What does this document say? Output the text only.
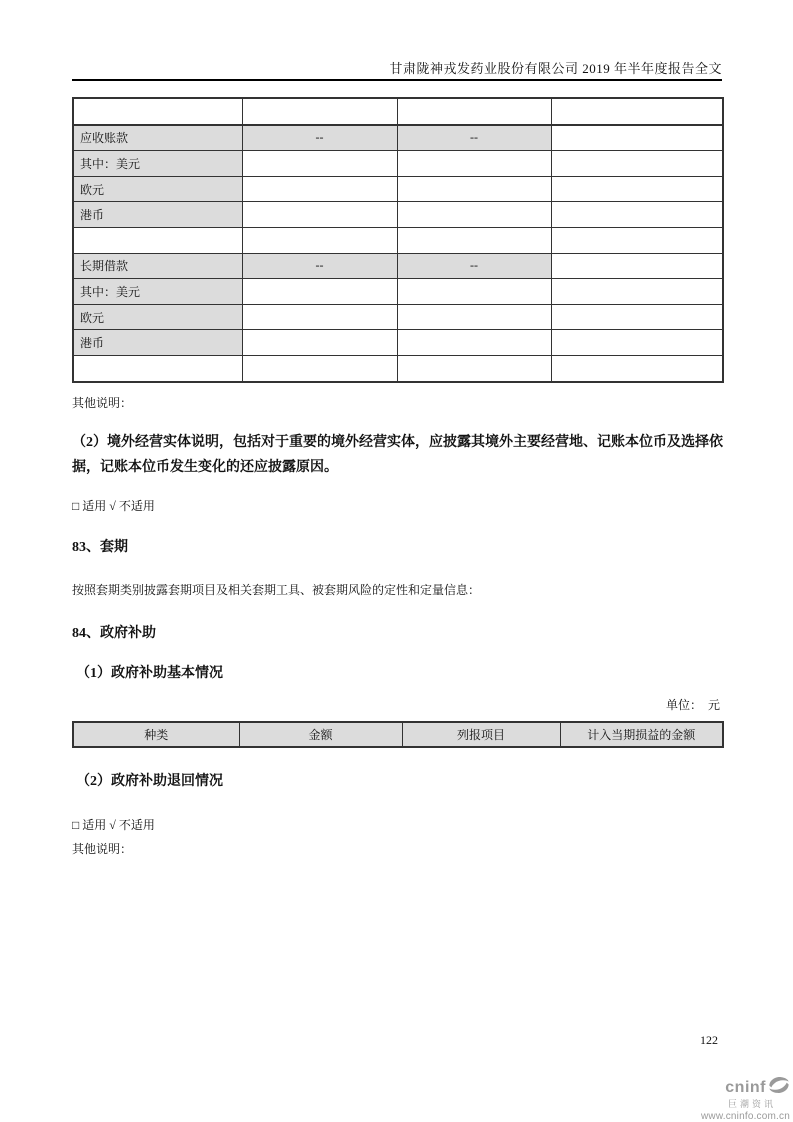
甘肃陇神戎发药业股份有限公司 2019 年半年度报告全文

应收账款	--	--	
其中：美元			
欧元			
港币			

长期借款	--	--	
其中：美元			
欧元			
港币			

其他说明：
（2）境外经营实体说明，包括对于重要的境外经营实体，应披露其境外主要经营地、记账本位币及选择依据，记账本位币发生变化的还应披露原因。
□ 适用 √ 不适用
83、套期
按照套期类别披露套期项目及相关套期工具、被套期风险的定性和定量信息：
84、政府补助
（1）政府补助基本情况
单位：　元
种类	金额	列报项目	计入当期损益的金额
（2）政府补助退回情况
□ 适用 √ 不适用
其他说明：
122
cninf
巨潮资讯
www.cninfo.com.cn
